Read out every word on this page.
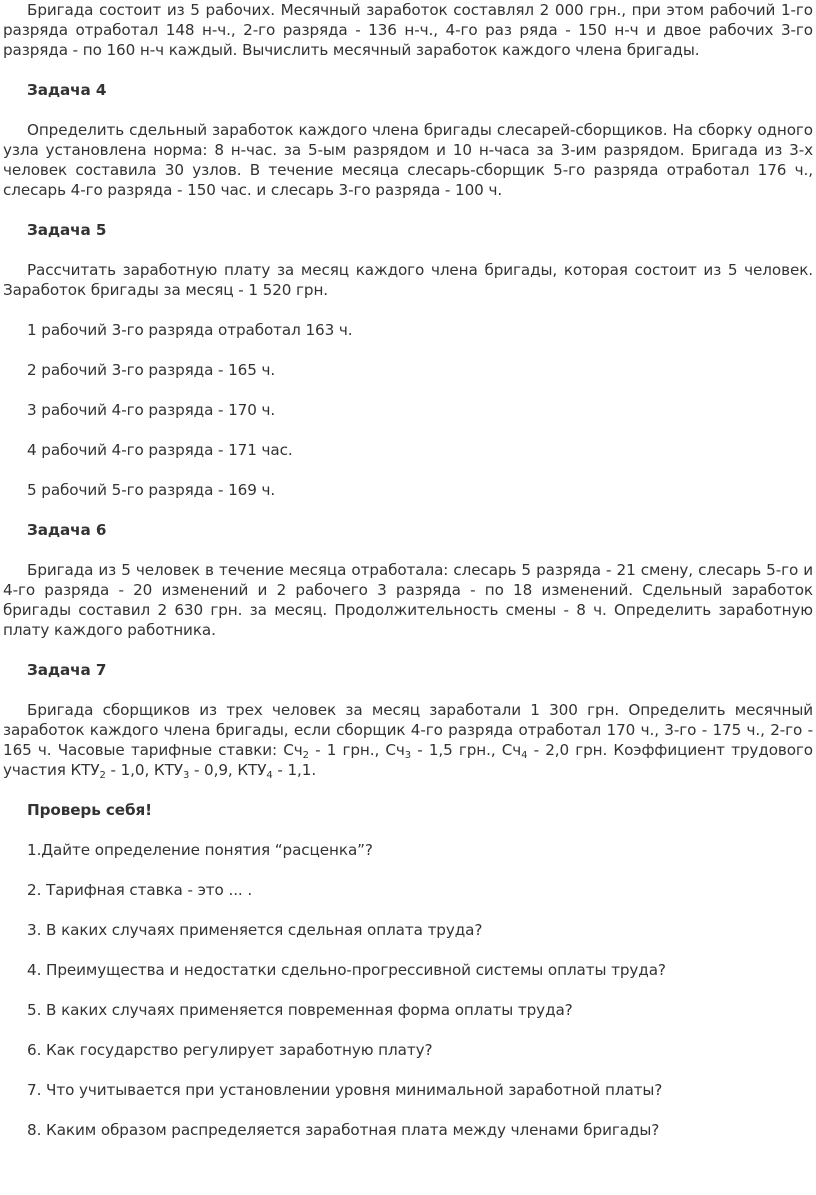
Бригада состоит из 5 рабочих. Месячный заработок составлял 2 000 грн., при этом рабочий 1-го разряда отработал 148 н-ч., 2-го разряда - 136 н-ч., 4-го раз ряда - 150 н-ч и двое рабочих 3-го разряда - по 160 н-ч каждый. Вычислить месячный заработок каждого члена бригады.

Задача 4

Определить сдельный заработок каждого члена бригады слесарей-сборщиков. На сборку одного узла установлена норма: 8 н-час. за 5-ым разрядом и 10 н-часа за 3-им разрядом. Бригада из 3-х человек составила 30 узлов. В течение месяца слесарь-сборщик 5-го разряда отработал 176 ч., слесарь 4-го разряда - 150 час. и слесарь 3-го разряда - 100 ч.

Задача 5

Рассчитать заработную плату за месяц каждого члена бригады, которая состоит из 5 человек. Заработок бригады за месяц - 1 520 грн.

1 рабочий 3-го разряда отработал 163 ч.

2 рабочий 3-го разряда - 165 ч.

3 рабочий 4-го разряда - 170 ч.

4 рабочий 4-го разряда - 171 час.

5 рабочий 5-го разряда - 169 ч.

Задача 6

Бригада из 5 человек в течение месяца отработала: слесарь 5 разряда - 21 смену, слесарь 5-го и 4-го разряда - 20 изменений и 2 рабочего 3 разряда - по 18 изменений. Сдельный заработок бригады составил 2 630 грн. за месяц. Продолжительность смены - 8 ч. Определить заработную плату каждого работника.

Задача 7

Бригада сборщиков из трех человек за месяц заработали 1 300 грн. Определить месячный заработок каждого члена бригады, если сборщик 4-го разряда отработал 170 ч., 3-го - 175 ч., 2-го - 165 ч. Часовые тарифные ставки: $Сч_2 - 1$ грн., $Сч_3 - 1,5$ грн., $Сч_4 - 2,0$ грн. Коэффициент трудового участия $КТУ_2 - 1,0$, $КТУ_3 - 0,9$, $КТУ_4 - 1,1$.

Проверь себя!

1.Дайте определение понятия “расценка”?

2. Тарифная ставка - это ... .

3. В каких случаях применяется сдельная оплата труда?

4. Преимущества и недостатки сдельно-прогрессивной системы оплаты труда?

5. В каких случаях применяется повременная форма оплаты труда?

6. Как государство регулирует заработную плату?

7. Что учитывается при установлении уровня минимальной заработной платы?

8. Каким образом распределяется заработная плата между членами бригады?
